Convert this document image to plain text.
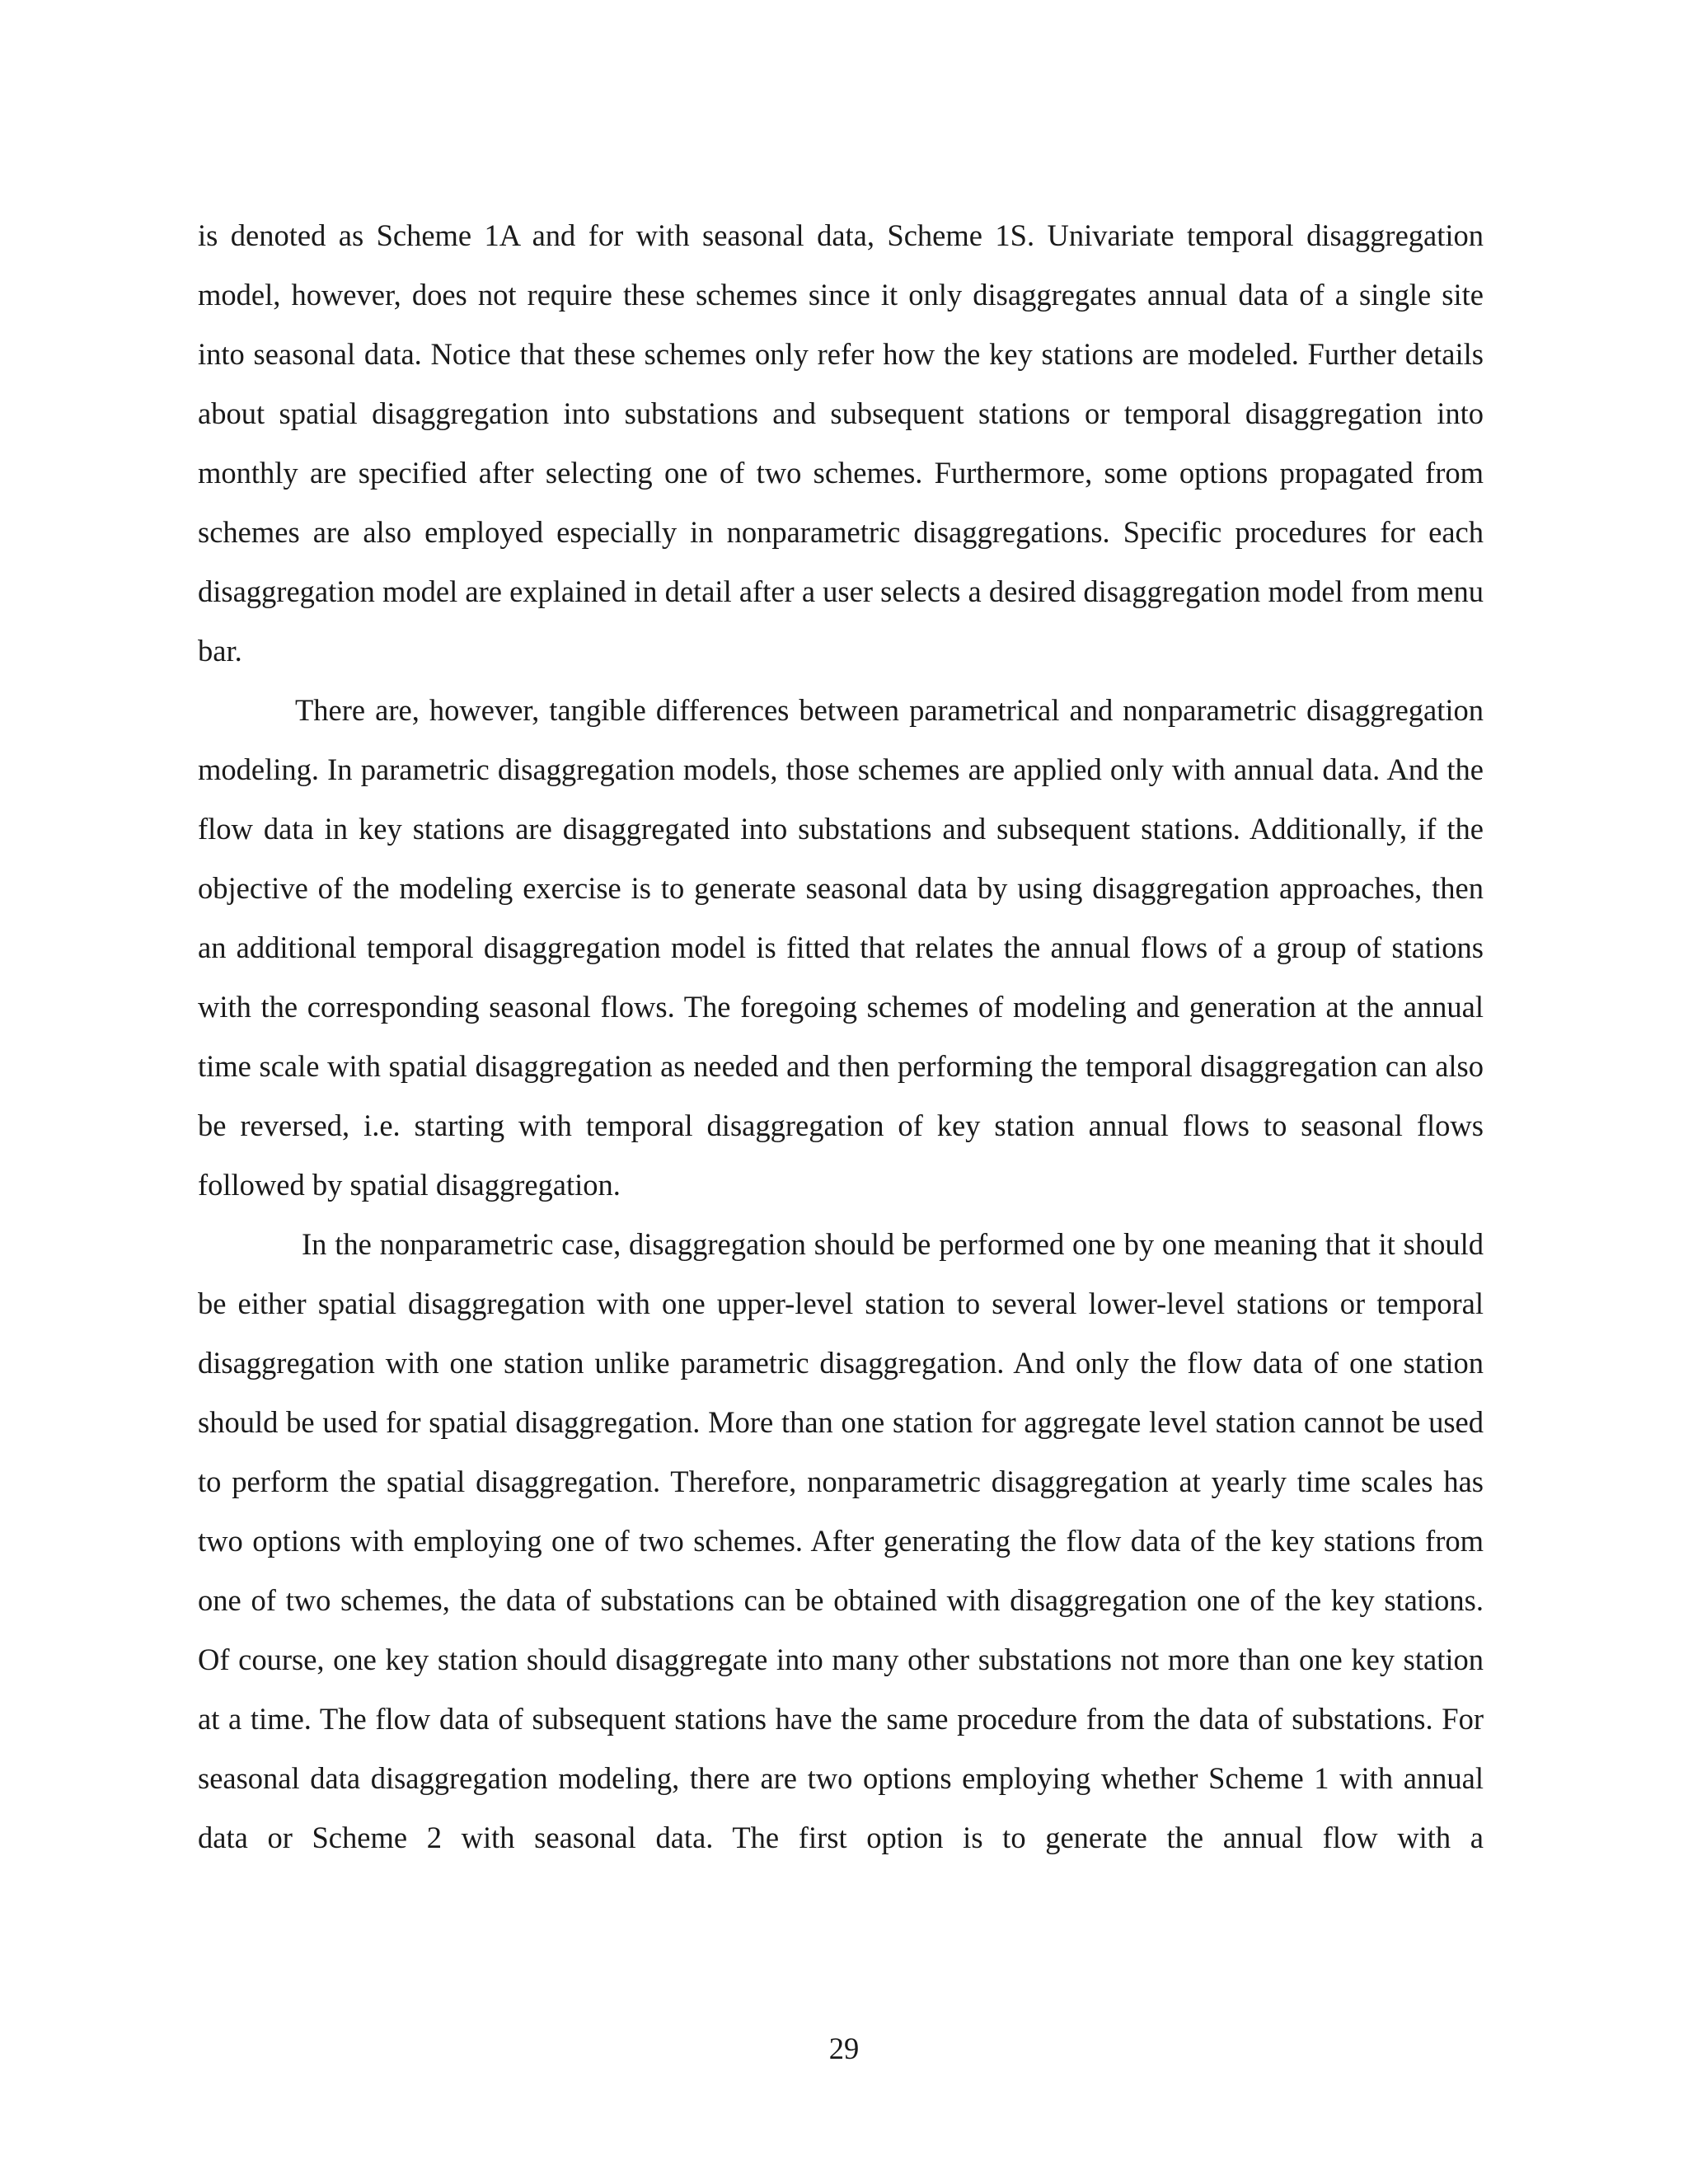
is denoted as Scheme 1A and for with seasonal data, Scheme 1S. Univariate temporal disaggregation model, however, does not require these schemes since it only disaggregates annual data of a single site into seasonal data. Notice that these schemes only refer how the key stations are modeled. Further details about spatial disaggregation into substations and subsequent stations or temporal disaggregation into monthly are specified after selecting one of two schemes. Furthermore, some options propagated from schemes are also employed especially in nonparametric disaggregations. Specific procedures for each disaggregation model are explained in detail after a user selects a desired disaggregation model from menu bar.

There are, however, tangible differences between parametrical and nonparametric disaggregation modeling. In parametric disaggregation models, those schemes are applied only with annual data. And the flow data in key stations are disaggregated into substations and subsequent stations. Additionally, if the objective of the modeling exercise is to generate seasonal data by using disaggregation approaches, then an additional temporal disaggregation model is fitted that relates the annual flows of a group of stations with the corresponding seasonal flows. The foregoing schemes of modeling and generation at the annual time scale with spatial disaggregation as needed and then performing the temporal disaggregation can also be reversed, i.e. starting with temporal disaggregation of key station annual flows to seasonal flows followed by spatial disaggregation.

In the nonparametric case, disaggregation should be performed one by one meaning that it should be either spatial disaggregation with one upper-level station to several lower-level stations or temporal disaggregation with one station unlike parametric disaggregation. And only the flow data of one station should be used for spatial disaggregation. More than one station for aggregate level station cannot be used to perform the spatial disaggregation. Therefore, nonparametric disaggregation at yearly time scales has two options with employing one of two schemes. After generating the flow data of the key stations from one of two schemes, the data of substations can be obtained with disaggregation one of the key stations. Of course, one key station should disaggregate into many other substations not more than one key station at a time. The flow data of subsequent stations have the same procedure from the data of substations. For seasonal data disaggregation modeling, there are two options employing whether Scheme 1 with annual data or Scheme 2 with seasonal data. The first option is to generate the annual flow with a

29
